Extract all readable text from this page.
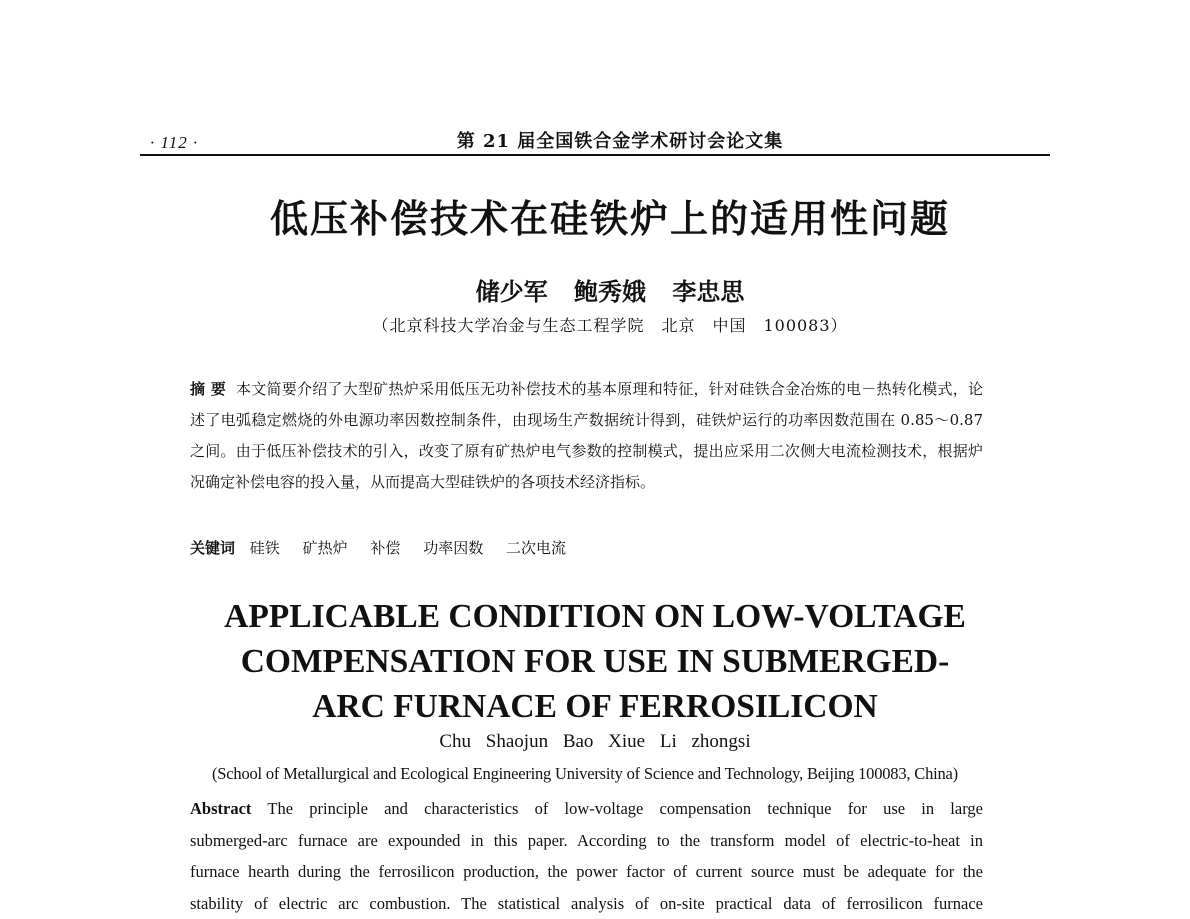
· 112 ·	第 21 届全国铁合金学术研讨会论文集
低压补偿技术在硅铁炉上的适用性问题
储少军 鲍秀娥 李忠思
（北京科技大学冶金与生态工程学院　北京　中国　100083）
摘 要 本文简要介绍了大型矿热炉采用低压无功补偿技术的基本原理和特征，针对硅铁合金冶炼的电－热转化模式，论述了电弧稳定燃烧的外电源功率因数控制条件，由现场生产数据统计得到，硅铁炉运行的功率因数范围在 0.85～0.87 之间。由于低压补偿技术的引入，改变了原有矿热炉电气参数的控制模式，提出应采用二次侧大电流检测技术，根据炉况确定补偿电容的投入量，从而提高大型硅铁炉的各项技术经济指标。
关键词 硅铁 矿热炉 补偿 功率因数 二次电流
APPLICABLE CONDITION ON LOW-VOLTAGE
COMPENSATION FOR USE IN SUBMERGED-
ARC FURNACE OF FERROSILICON
Chu Shaojun Bao Xiue Li zhongsi
(School of Metallurgical and Ecological Engineering University of Science and Technology, Beijing 100083, China)
Abstract The principle and characteristics of low-voltage compensation technique for use in large
submerged-arc furnace are expounded in this paper. According to the transform model of electric-to-heat in
furnace hearth during the ferrosilicon production, the power factor of current source must be adequate for the
stability of electric arc combustion. The statistical analysis of on-site practical data of ferrosilicon furnace
